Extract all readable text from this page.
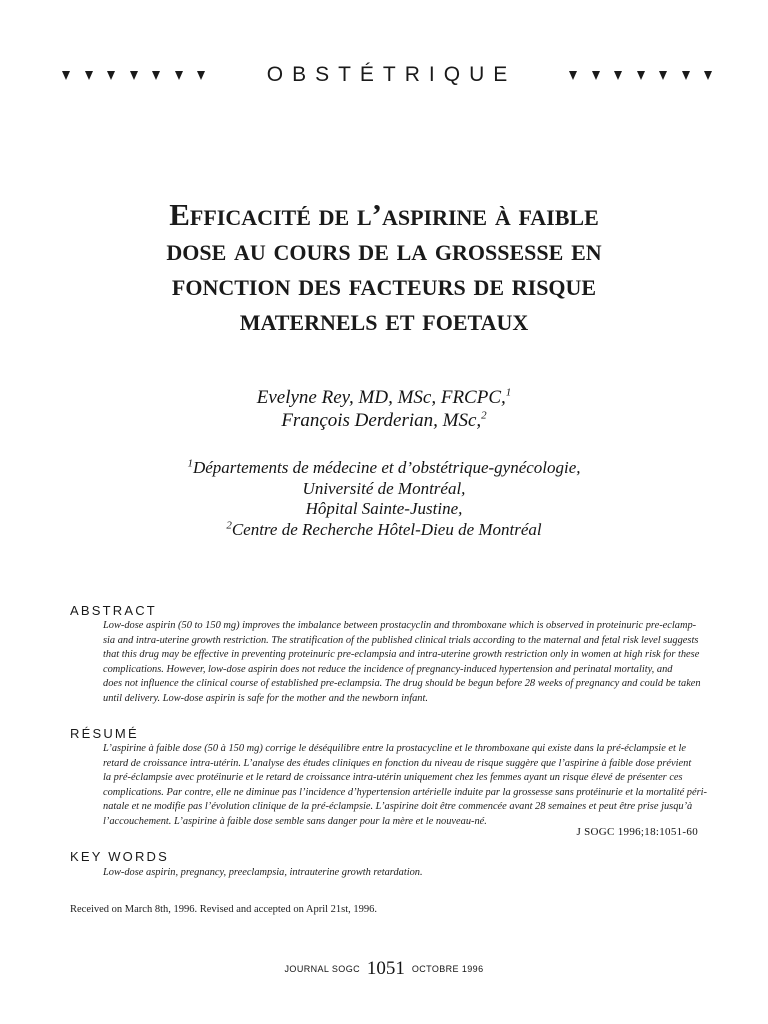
OBSTÉTRIQUE
Efficacité de l’aspirine à faible
dose au cours de la grossesse en
fonction des facteurs de risque
maternels et foetaux
Evelyne Rey, MD, MSc, FRCPC,$^1$
François Derderian, MSc,$^2$
$^1$Départements de médecine et d’obstétrique-gynécologie,
Université de Montréal,
Hôpital Sainte-Justine,
$^2$Centre de Recherche Hôtel-Dieu de Montréal
ABSTRACT
Low-dose aspirin (50 to 150 mg) improves the imbalance between prostacyclin and thromboxane which is observed in proteinuric pre-eclamp-
sia and intra-uterine growth restriction. The stratification of the published clinical trials according to the maternal and fetal risk level suggests
that this drug may be effective in preventing proteinuric pre-eclampsia and intra-uterine growth restriction only in women at high risk for these
complications. However, low-dose aspirin does not reduce the incidence of pregnancy-induced hypertension and perinatal mortality, and
does not influence the clinical course of established pre-eclampsia. The drug should be begun before 28 weeks of pregnancy and could be taken
until delivery. Low-dose aspirin is safe for the mother and the newborn infant.
RÉSUMÉ
L’aspirine à faible dose (50 à 150 mg) corrige le déséquilibre entre la prostacycline et le thromboxane qui existe dans la pré-éclampsie et le
retard de croissance intra-utérin. L’analyse des études cliniques en fonction du niveau de risque suggère que l’aspirine à faible dose prévient
la pré-éclampsie avec protéinurie et le retard de croissance intra-utérin uniquement chez les femmes ayant un risque élevé de présenter ces
complications. Par contre, elle ne diminue pas l’incidence d’hypertension artérielle induite par la grossesse sans protéinurie et la mortalité péri-
natale et ne modifie pas l’évolution clinique de la pré-éclampsie. L’aspirine doit être commencée avant 28 semaines et peut être prise jusqu’à
l’accouchement. L’aspirine à faible dose semble sans danger pour la mère et le nouveau-né.
J SOGC 1996;18:1051-60
KEY WORDS
Low-dose aspirin, pregnancy, preeclampsia, intrauterine growth retardation.
Received on March 8th, 1996. Revised and accepted on April 21st, 1996.
JOURNAL SOGC 1051 OCTOBRE 1996
